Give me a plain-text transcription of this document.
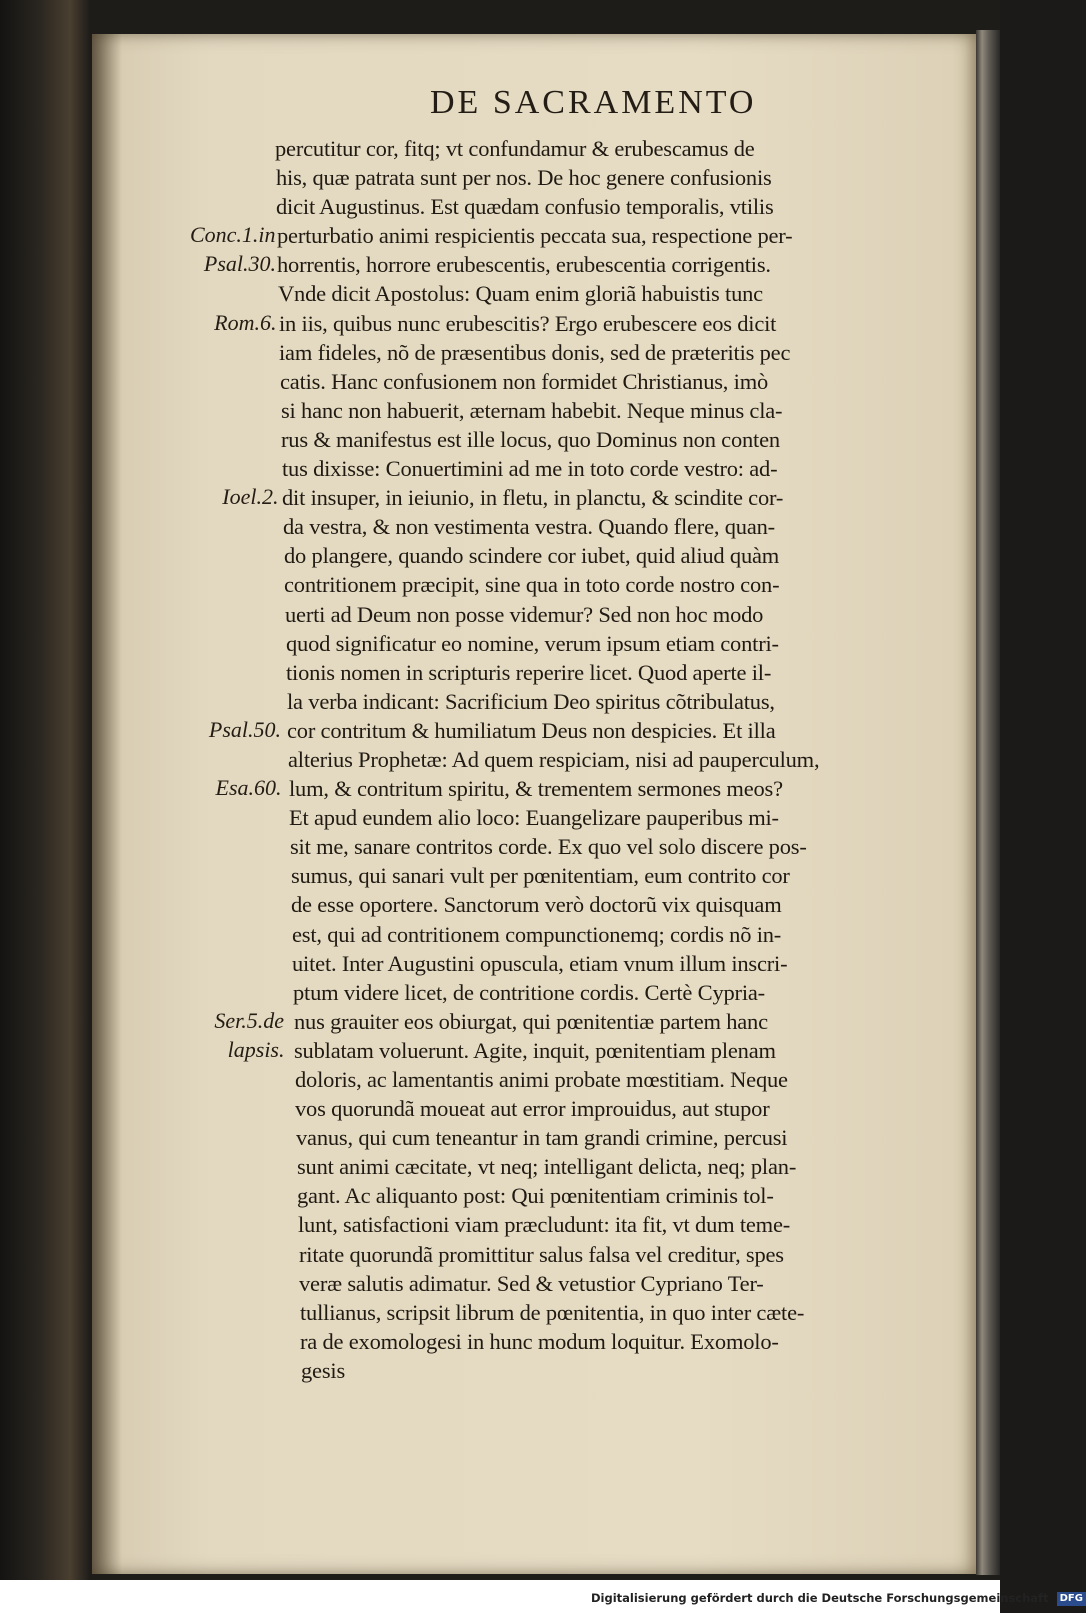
DE SACRAMENTO
Conc.1.in
Psal.30.
Rom.6.
Ioel.2.
Psal.50.
Esa.60.
Ser.5.de
lapsis.
percutitur cor, fitq; vt confundamur & erubescamus de
his, quæ patrata sunt per nos. De hoc genere confusionis
dicit Augustinus. Est quædam confusio temporalis, vtilis
perturbatio animi respicientis peccata sua, respectione per-
horrentis, horrore erubescentis, erubescentia corrigentis.
Vnde dicit Apostolus: Quam enim gloriã habuistis tunc
in iis, quibus nunc erubescitis? Ergo erubescere eos dicit
iam fideles, nõ de præsentibus donis, sed de præteritis pec
catis. Hanc confusionem non formidet Christianus, imò
si hanc non habuerit, æternam habebit. Neque minus cla-
rus & manifestus est ille locus, quo Dominus non conten
tus dixisse: Conuertimini ad me in toto corde vestro: ad-
dit insuper, in ieiunio, in fletu, in planctu, & scindite cor-
da vestra, & non vestimenta vestra. Quando flere, quan-
do plangere, quando scindere cor iubet, quid aliud quàm
contritionem præcipit, sine qua in toto corde nostro con-
uerti ad Deum non posse videmur? Sed non hoc modo
quod significatur eo nomine, verum ipsum etiam contri-
tionis nomen in scripturis reperire licet. Quod aperte il-
la verba indicant: Sacrificium Deo spiritus cõtribulatus,
cor contritum & humiliatum Deus non despicies. Et illa
alterius Prophetæ: Ad quem respiciam, nisi ad pauperculum,
lum, & contritum spiritu, & trementem sermones meos?
Et apud eundem alio loco: Euangelizare pauperibus mi-
sit me, sanare contritos corde. Ex quo vel solo discere pos-
sumus, qui sanari vult per pœnitentiam, eum contrito cor
de esse oportere. Sanctorum verò doctorũ vix quisquam
est, qui ad contritionem compunctionemq; cordis nõ in-
uitet. Inter Augustini opuscula, etiam vnum illum inscri-
ptum videre licet, de contritione cordis. Certè Cypria-
nus grauiter eos obiurgat, qui pœnitentiæ partem hanc
sublatam voluerunt. Agite, inquit, pœnitentiam plenam
doloris, ac lamentantis animi probate mœstitiam. Neque
vos quorundã moueat aut error improuidus, aut stupor
vanus, qui cum teneantur in tam grandi crimine, percusi
sunt animi cæcitate, vt neq; intelligant delicta, neq; plan-
gant. Ac aliquanto post: Qui pœnitentiam criminis tol-
lunt, satisfactioni viam præcludunt: ita fit, vt dum teme-
ritate quorundã promittitur salus falsa vel creditur, spes
veræ salutis adimatur. Sed & vetustior Cypriano Ter-
tullianus, scripsit librum de pœnitentia, in quo inter cæte-
ra de exomologesi in hunc modum loquitur. Exomolo-
gesis
Digitalisierung gefördert durch die Deutsche Forschungsgemeinschaft DFG
